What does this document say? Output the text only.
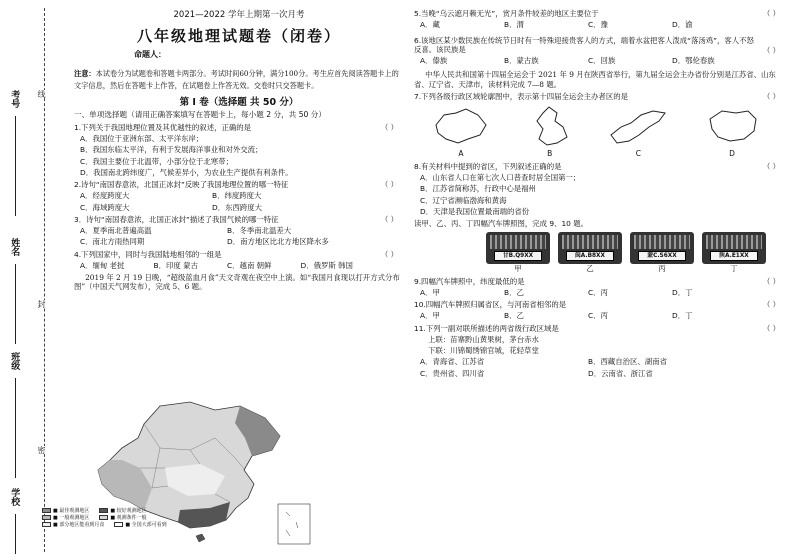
考号
姓名
班级
学校
线
封
密
2021—2022 学年上期第一次月考
八年级地理试题卷（闭卷）
命题人：
注意：本试卷分为试题卷和答题卡两部分。考试时间60分钟，满分100分。考生应首先阅读答题卡上的文字信息，然后在答题卡上作答，在试题卷上作答无效。交卷时只交答题卡。
第 Ⅰ 卷（选择题 共 50 分）
一、单项选择题（请用正确答案填写在答题卡上，每小题 2 分，共 50 分）
1.下列关于我国地理位置及其优越性的叙述，正确的是	（ ）
A．我国位于亚洲东部、太平洋东岸；
B．我国东临太平洋，有利于发展海洋事业和对外交流；
C．我国主要位于北温带，小部分位于北寒带；
D．我国南北跨纬度广，气候差异小，为农业生产提供有利条件。
2.诗句“南国春意浓，北国正冰封”反映了我国地理位置的哪一特征	（ ）
A．经度跨度大	B．纬度跨度大
C．海域跨度大	D．东西跨度大
3．诗句“南国春意浓，北国正冰封”描述了我国气候的哪一特征	（ ）
A．夏季南北普遍高温	B．冬季南北温差大
C．南北方雨热同期	D．南方地区比北方地区降水多
4.下列国家中，同时与我国陆地相邻的一组是	（ ）
A．缅甸 老挝	B．印度 蒙古	C．越南 朝鲜	D．俄罗斯 韩国
2019 年 2 月 19 日晚，“超级蓝血月食”天文奇观在夜空中上演。如“我国月食现以打开方式分布图”（中国天气网发布），完成 5、6 题。
■ 最佳观测地区	■ 较好观测地区
■ 一般观测地区	■ 观测条件一般
■ 部分地区能看到月食	■ 全国大部可看到
5.当晚“乌云遮月赖无光”，赏月条件较差的地区主要位于	（ ）
A．藏	B．渭	C．豫	D．渝
6.该地区某少数民族在传统节日时有一特殊迎接贵客人的方式，端着水盆把客人泼成“落汤鸡”，客人不怒反喜。该民族是	（ ）
A．傣族	B．蒙古族	C．回族	D．鄂伦春族
中华人民共和国第十四届全运会于 2021 年 9 月在陕西省举行，第九届全运会主办省份分别是江苏省、山东省、辽宁省、天津市，读材料完成 7—8 题。
7.下列各级行政区域轮廓图中，表示第十四届全运会主办者区的是	（ ）
A	B	C	D
8.有关材料中提到的省区，下列叙述正确的是	（ ）
A．山东省人口在第七次人口普查时居全国第一；
B．江苏省简称苏，行政中心是福州
C．辽宁省濒临渤海和黄海
D．天津是我国位置最南端的省份
读甲、乙、丙、丁四幅汽车牌照图，完成 9、10 题。
甘B.Q9XX	闽A.B8XX	蒙C.S6XX	陕A.E1XX
甲	乙	丙	丁
9.四幅汽车牌照中，纬度最低的是	（ ）
A．甲	B．乙	C．丙	D．丁
10.四幅汽车牌照归属省区，与河南省相邻的是	（ ）
A．甲	B．乙	C．丙	D．丁
11.下列一副对联所描述的两省级行政区域是	（ ）
上联：苗寨黔山黄果树，茅台赤水
下联：川锦蜀绣锦官城，花轻草堂
A．青海省、江苏省	B．西藏自治区、湖南省
C．贵州省、四川省	D．云南省、浙江省
